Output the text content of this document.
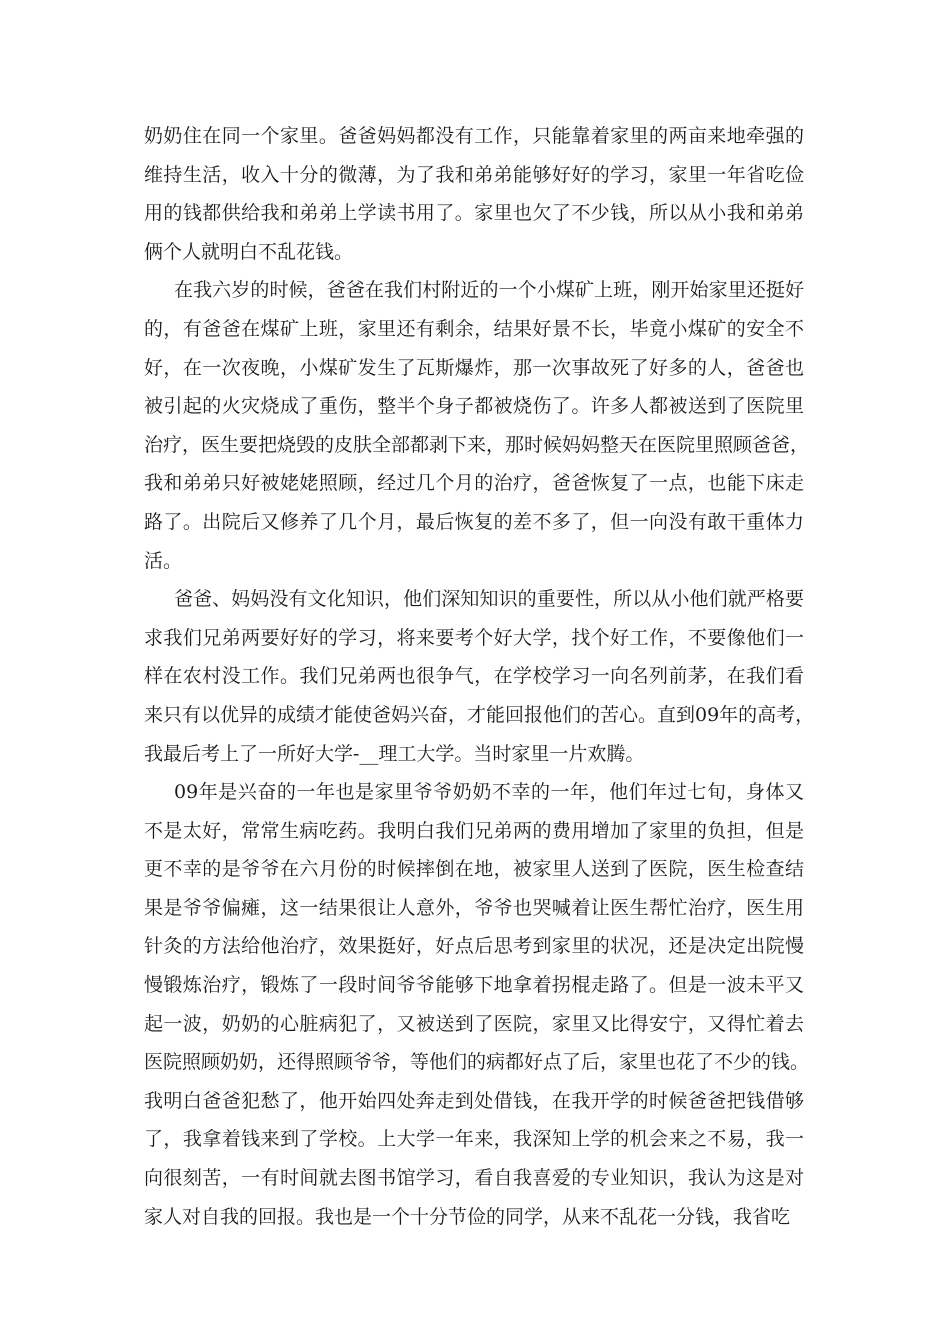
奶奶住在同一个家里。爸爸妈妈都没有工作，只能靠着家里的两亩来地牵强的
维持生活，收入十分的微薄，为了我和弟弟能够好好的学习，家里一年省吃俭
用的钱都供给我和弟弟上学读书用了。家里也欠了不少钱，所以从小我和弟弟
俩个人就明白不乱花钱。
在我六岁的时候，爸爸在我们村附近的一个小煤矿上班，刚开始家里还挺好
的，有爸爸在煤矿上班，家里还有剩余，结果好景不长，毕竟小煤矿的安全不
好，在一次夜晚，小煤矿发生了瓦斯爆炸，那一次事故死了好多的人，爸爸也
被引起的火灾烧成了重伤，整半个身子都被烧伤了。许多人都被送到了医院里
治疗，医生要把烧毁的皮肤全部都剥下来，那时候妈妈整天在医院里照顾爸爸，
我和弟弟只好被姥姥照顾，经过几个月的治疗，爸爸恢复了一点，也能下床走
路了。出院后又修养了几个月，最后恢复的差不多了，但一向没有敢干重体力
活。
爸爸、妈妈没有文化知识，他们深知知识的重要性，所以从小他们就严格要
求我们兄弟两要好好的学习，将来要考个好大学，找个好工作，不要像他们一
样在农村没工作。我们兄弟两也很争气，在学校学习一向名列前茅，在我们看
来只有以优异的成绩才能使爸妈兴奋，才能回报他们的苦心。直到09年的高考，
我最后考上了一所好大学-__理工大学。当时家里一片欢腾。
09年是兴奋的一年也是家里爷爷奶奶不幸的一年，他们年过七旬，身体又
不是太好，常常生病吃药。我明白我们兄弟两的费用增加了家里的负担，但是
更不幸的是爷爷在六月份的时候摔倒在地，被家里人送到了医院，医生检查结
果是爷爷偏瘫，这一结果很让人意外，爷爷也哭喊着让医生帮忙治疗，医生用
针灸的方法给他治疗，效果挺好，好点后思考到家里的状况，还是决定出院慢
慢锻炼治疗，锻炼了一段时间爷爷能够下地拿着拐棍走路了。但是一波未平又
起一波，奶奶的心脏病犯了，又被送到了医院，家里又比得安宁，又得忙着去
医院照顾奶奶，还得照顾爷爷，等他们的病都好点了后，家里也花了不少的钱。
我明白爸爸犯愁了，他开始四处奔走到处借钱，在我开学的时候爸爸把钱借够
了，我拿着钱来到了学校。上大学一年来，我深知上学的机会来之不易，我一
向很刻苦，一有时间就去图书馆学习，看自我喜爱的专业知识，我认为这是对
家人对自我的回报。我也是一个十分节俭的同学，从来不乱花一分钱，我省吃
